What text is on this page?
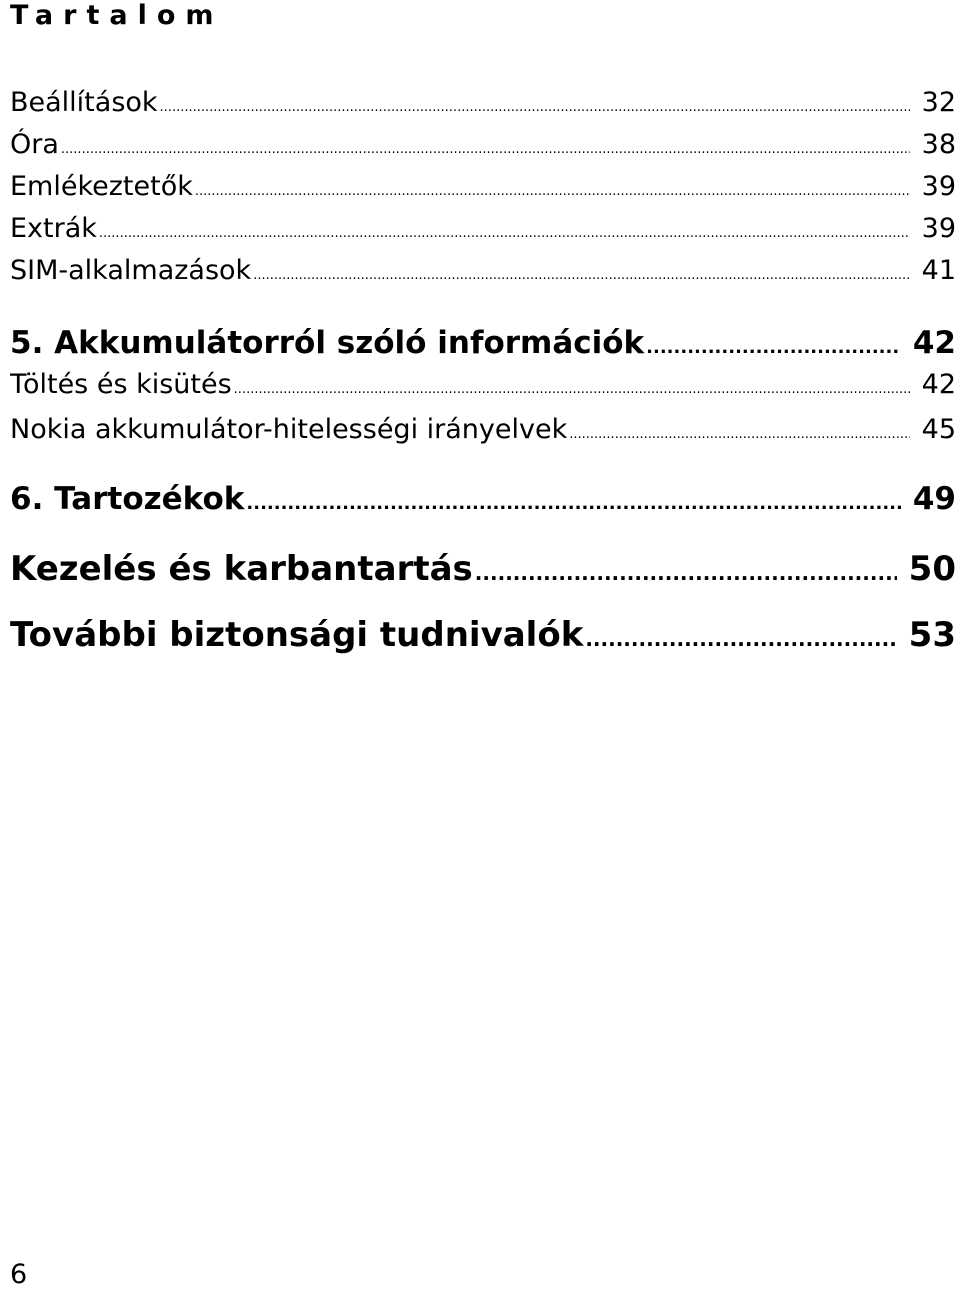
Tartalom
Beállítások .....	32
Óra .....	38
Emlékeztetők .....	39
Extrák .....	39
SIM-alkalmazások .....	41
5. Akkumulátorról szóló információk .....	42
Töltés és kisütés .....	42
Nokia akkumulátor-hitelességi irányelvek .....	45
6. Tartozékok .....	49
Kezelés és karbantartás .....	50
További biztonsági tudnivalók .....	53
6
